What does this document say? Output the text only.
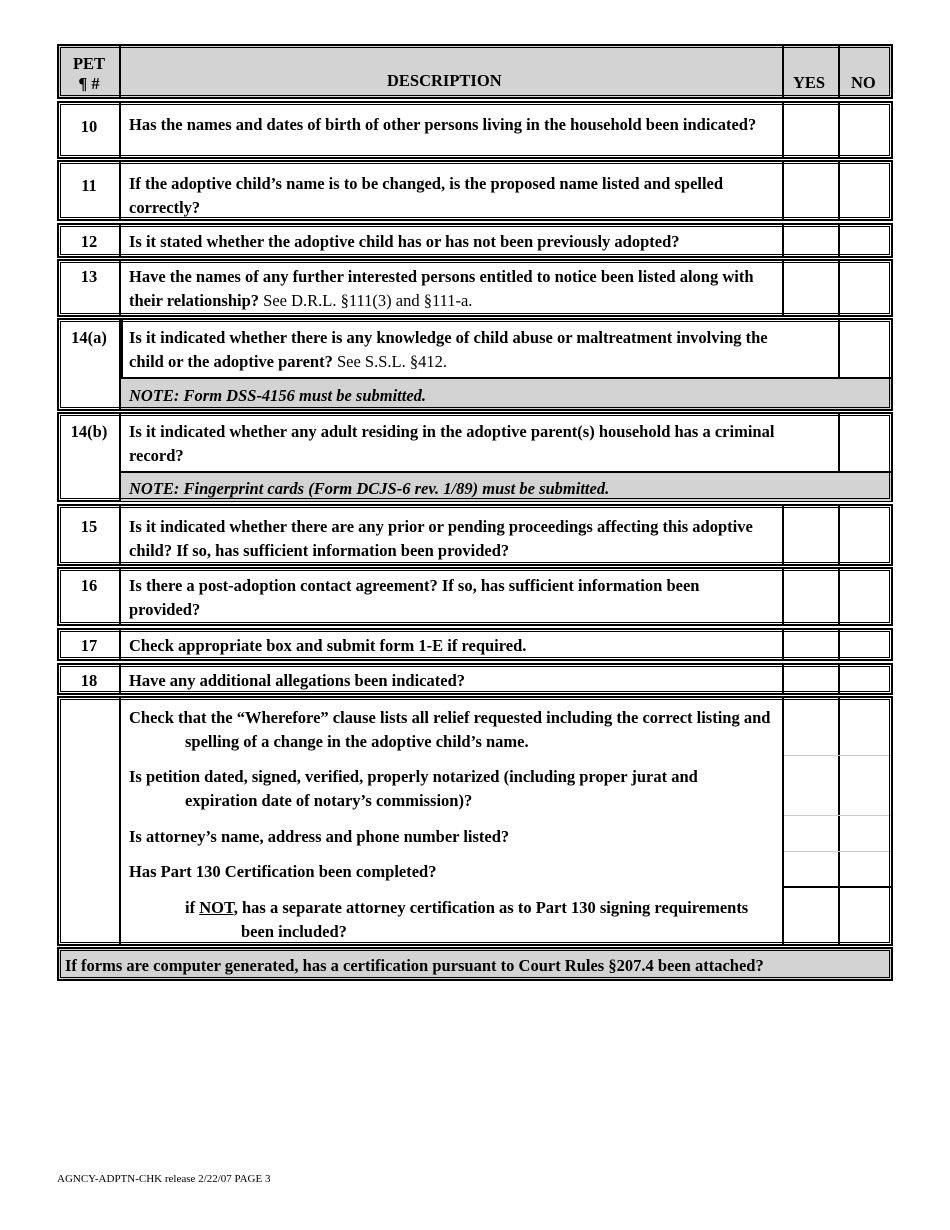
PET
¶ #	DESCRIPTION	YES NO
10	Has the names and dates of birth of other persons living in the household been indicated?
11	If the adoptive child’s name is to be changed, is the proposed name listed and spelled correctly?
12	Is it stated whether the adoptive child has or has not been previously adopted?
13	Have the names of any further interested persons entitled to notice been listed along with their relationship? See D.R.L. §111(3) and §111-a.
14(a)	Is it indicated whether there is any knowledge of child abuse or maltreatment involving the child or the adoptive parent? See S.S.L. §412.
NOTE: Form DSS-4156 must be submitted.
14(b)	Is it indicated whether any adult residing in the adoptive parent(s) household has a criminal record?
NOTE: Fingerprint cards (Form DCJS-6 rev. 1/89) must be submitted.
15	Is it indicated whether there are any prior or pending proceedings affecting this adoptive child? If so, has sufficient information been provided?
16	Is there a post-adoption contact agreement? If so, has sufficient information been provided?
17	Check appropriate box and submit form 1-E if required.
18	Have any additional allegations been indicated?
Check that the “Wherefore” clause lists all relief requested including the correct listing and spelling of a change in the adoptive child’s name.
Is petition dated, signed, verified, properly notarized (including proper jurat and expiration date of notary’s commission)?
Is attorney’s name, address and phone number listed?
Has Part 130 Certification been completed?
if NOT, has a separate attorney certification as to Part 130 signing requirements been included?
If forms are computer generated, has a certification pursuant to Court Rules §207.4 been attached?
AGNCY-ADPTN-CHK release 2/22/07 PAGE 3
